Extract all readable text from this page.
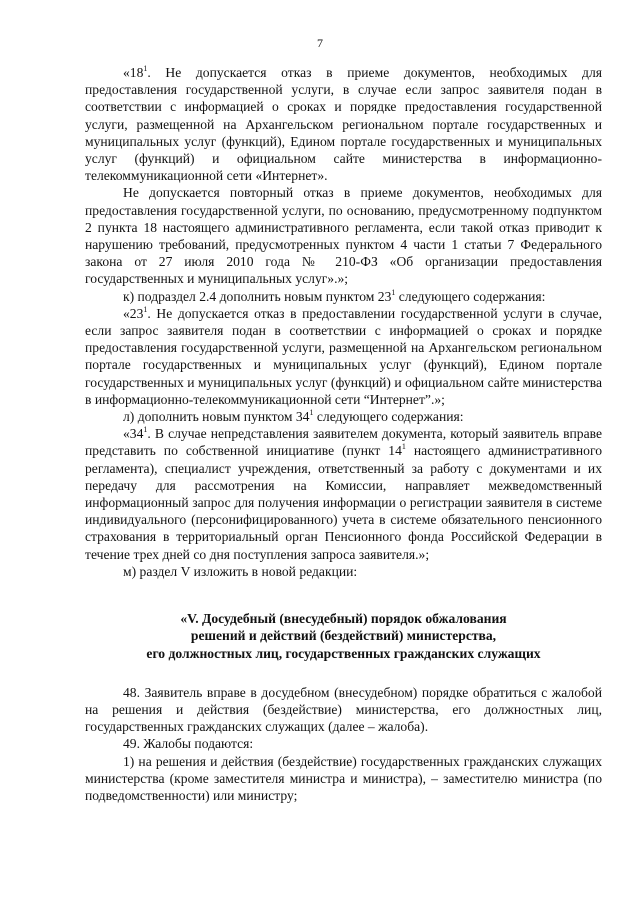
7

«$18^1$. Не допускается отказ в приеме документов, необходимых для предоставления государственной услуги, в случае если запрос заявителя подан в соответствии с информацией о сроках и порядке предоставления государственной услуги, размещенной на Архангельском региональном портале государственных и муниципальных услуг (функций), Едином портале государственных и муниципальных услуг (функций) и официальном сайте министерства в информационно-телекоммуникационной сети «Интернет».

Не допускается повторный отказ в приеме документов, необходимых для предоставления государственной услуги, по основанию, предусмотренному подпунктом 2 пункта 18 настоящего административного регламента, если такой отказ приводит к нарушению требований, предусмотренных пунктом 4 части 1 статьи 7 Федерального закона от 27 июля 2010 года № 210-ФЗ «Об организации предоставления государственных и муниципальных услуг».»;

к) подраздел 2.4 дополнить новым пунктом $23^1$ следующего содержания:

«$23^1$. Не допускается отказ в предоставлении государственной услуги в случае, если запрос заявителя подан в соответствии с информацией о сроках и порядке предоставления государственной услуги, размещенной на Архангельском региональном портале государственных и муниципальных услуг (функций), Едином портале государственных и муниципальных услуг (функций) и официальном сайте министерства в информационно-телекоммуникационной сети “Интернет”.»;

л) дополнить новым пунктом $34^1$ следующего содержания:

«$34^1$. В случае непредставления заявителем документа, который заявитель вправе представить по собственной инициативе (пункт $14^1$ настоящего административного регламента), специалист учреждения, ответственный за работу с документами и их передачу для рассмотрения на Комиссии, направляет межведомственный информационный запрос для получения информации о регистрации заявителя в системе индивидуального (персонифицированного) учета в системе обязательного пенсионного страхования в территориальный орган Пенсионного фонда Российской Федерации в течение трех дней со дня поступления запроса заявителя.»;

м) раздел V изложить в новой редакции:

«V. Досудебный (внесудебный) порядок обжалования
решений и действий (бездействий) министерства,
его должностных лиц, государственных гражданских служащих

48. Заявитель вправе в досудебном (внесудебном) порядке обратиться с жалобой на решения и действия (бездействие) министерства, его должностных лиц, государственных гражданских служащих (далее – жалоба).

49. Жалобы подаются:

1) на решения и действия (бездействие) государственных гражданских служащих министерства (кроме заместителя министра и министра), – заместителю министра (по подведомственности) или министру;
